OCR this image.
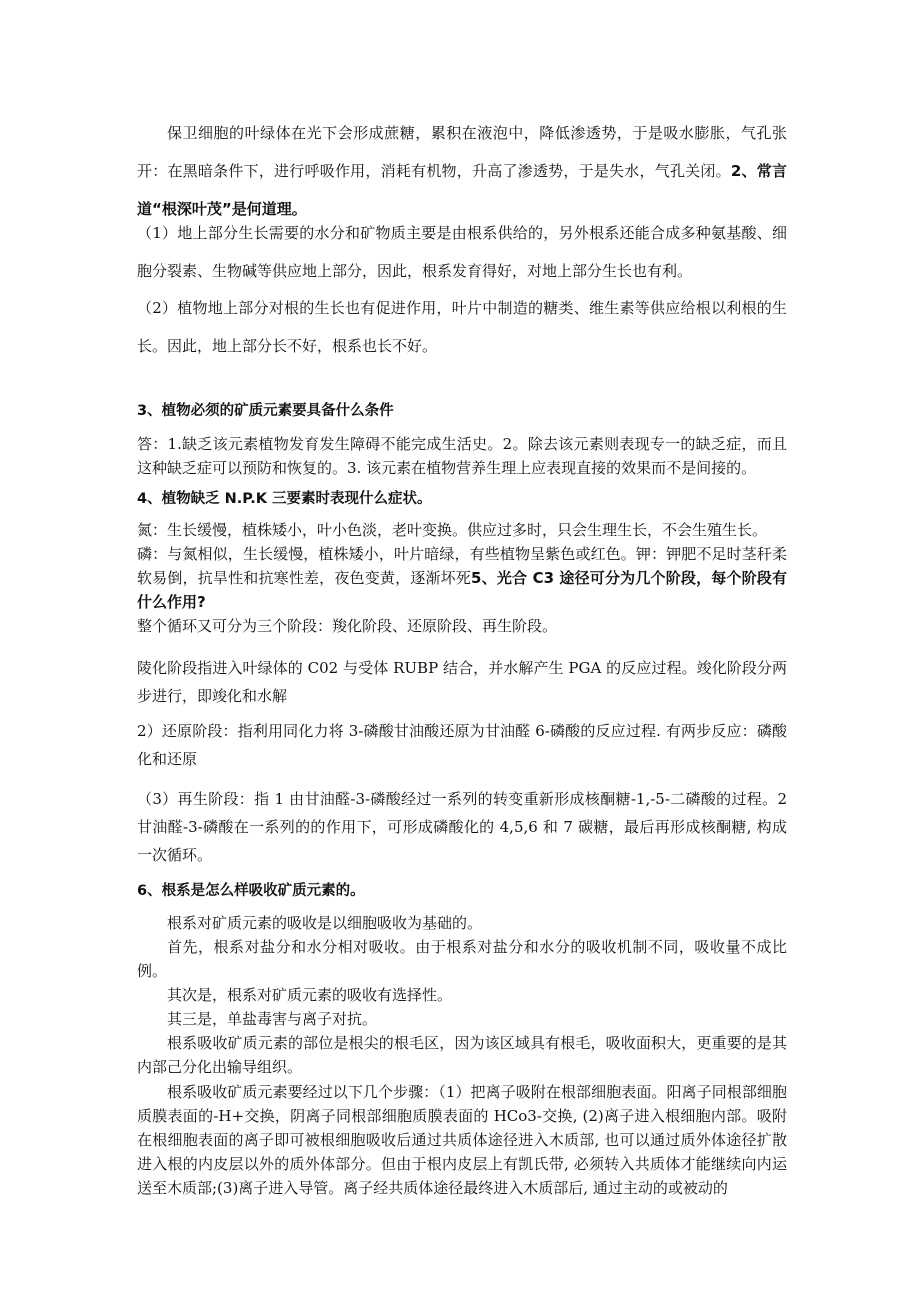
保卫细胞的叶绿体在光下会形成蔗糖，累积在液泡中，降低渗透势，于是吸水膨胀，气孔张开：在黑暗条件下，进行呼吸作用，消耗有机物，升高了渗透势，于是失水，气孔关闭。2、常言道“根深叶茂”是何道理。

（1）地上部分生长需要的水分和矿物质主要是由根系供给的，另外根系还能合成多种氨基酸、细胞分裂素、生物碱等供应地上部分，因此，根系发育得好，对地上部分生长也有利。

（2）植物地上部分对根的生长也有促进作用，叶片中制造的糖类、维生素等供应给根以利根的生长。因此，地上部分长不好，根系也长不好。

3、植物必须的矿质元素要具备什么条件

答：1.缺乏该元素植物发育发生障碍不能完成生活史。2。除去该元素则表现专一的缺乏症，而且这种缺乏症可以预防和恢复的。3. 该元素在植物营养生理上应表现直接的效果而不是间接的。

4、植物缺乏 N.P.K 三要素时表现什么症状。

氮：生长缓慢，植株矮小，叶小色淡，老叶变换。供应过多时，只会生理生长，不会生殖生长。

磷：与氮相似，生长缓慢，植株矮小，叶片暗绿，有些植物呈紫色或红色。钾：钾肥不足时茎秆柔软易倒，抗旱性和抗寒性差，夜色变黄，逐渐坏死5、光合 C3 途径可分为几个阶段，每个阶段有什么作用?

整个循环又可分为三个阶段：羧化阶段、还原阶段、再生阶段。

陵化阶段指进入叶绿体的 C02 与受体 RUBP 结合，并水解产生 PGA 的反应过程。竣化阶段分两步进行，即竣化和水解

2）还原阶段：指利用同化力将 3-磷酸甘油酸还原为甘油醛 6-磷酸的反应过程. 有两步反应：磷酸化和还原

（3）再生阶段：指 1 由甘油醛-3-磷酸经过一系列的转变重新形成核酮糖-1,-5-二磷酸的过程。2 甘油醛-3-磷酸在一系列的的作用下，可形成磷酸化的 4,5,6 和 7 碳糖，最后再形成核酮糖, 构成一次循环。

6、根系是怎么样吸收矿质元素的。

根系对矿质元素的吸收是以细胞吸收为基础的。

首先，根系对盐分和水分相对吸收。由于根系对盐分和水分的吸收机制不同，吸收量不成比例。

其次是，根系对矿质元素的吸收有选择性。

其三是，单盐毒害与离子对抗。

根系吸收矿质元素的部位是根尖的根毛区，因为该区域具有根毛，吸收面积大，更重要的是其内部己分化出输导组织。

根系吸收矿质元素要经过以下几个步骤：（1）把离子吸附在根部细胞表面。阳离子同根部细胞质膜表面的-H+交换，阴离子同根部细胞质膜表面的 HCo3-交换, (2)离子进入根细胞内部。吸附在根细胞表面的离子即可被根细胞吸收后通过共质体途径进入木质部, 也可以通过质外体途径扩散进入根的内皮层以外的质外体部分。但由于根内皮层上有凯氏带, 必须转入共质体才能继续向内运送至木质部;(3)离子进入导管。离子经共质体途径最终进入木质部后, 通过主动的或被动的
